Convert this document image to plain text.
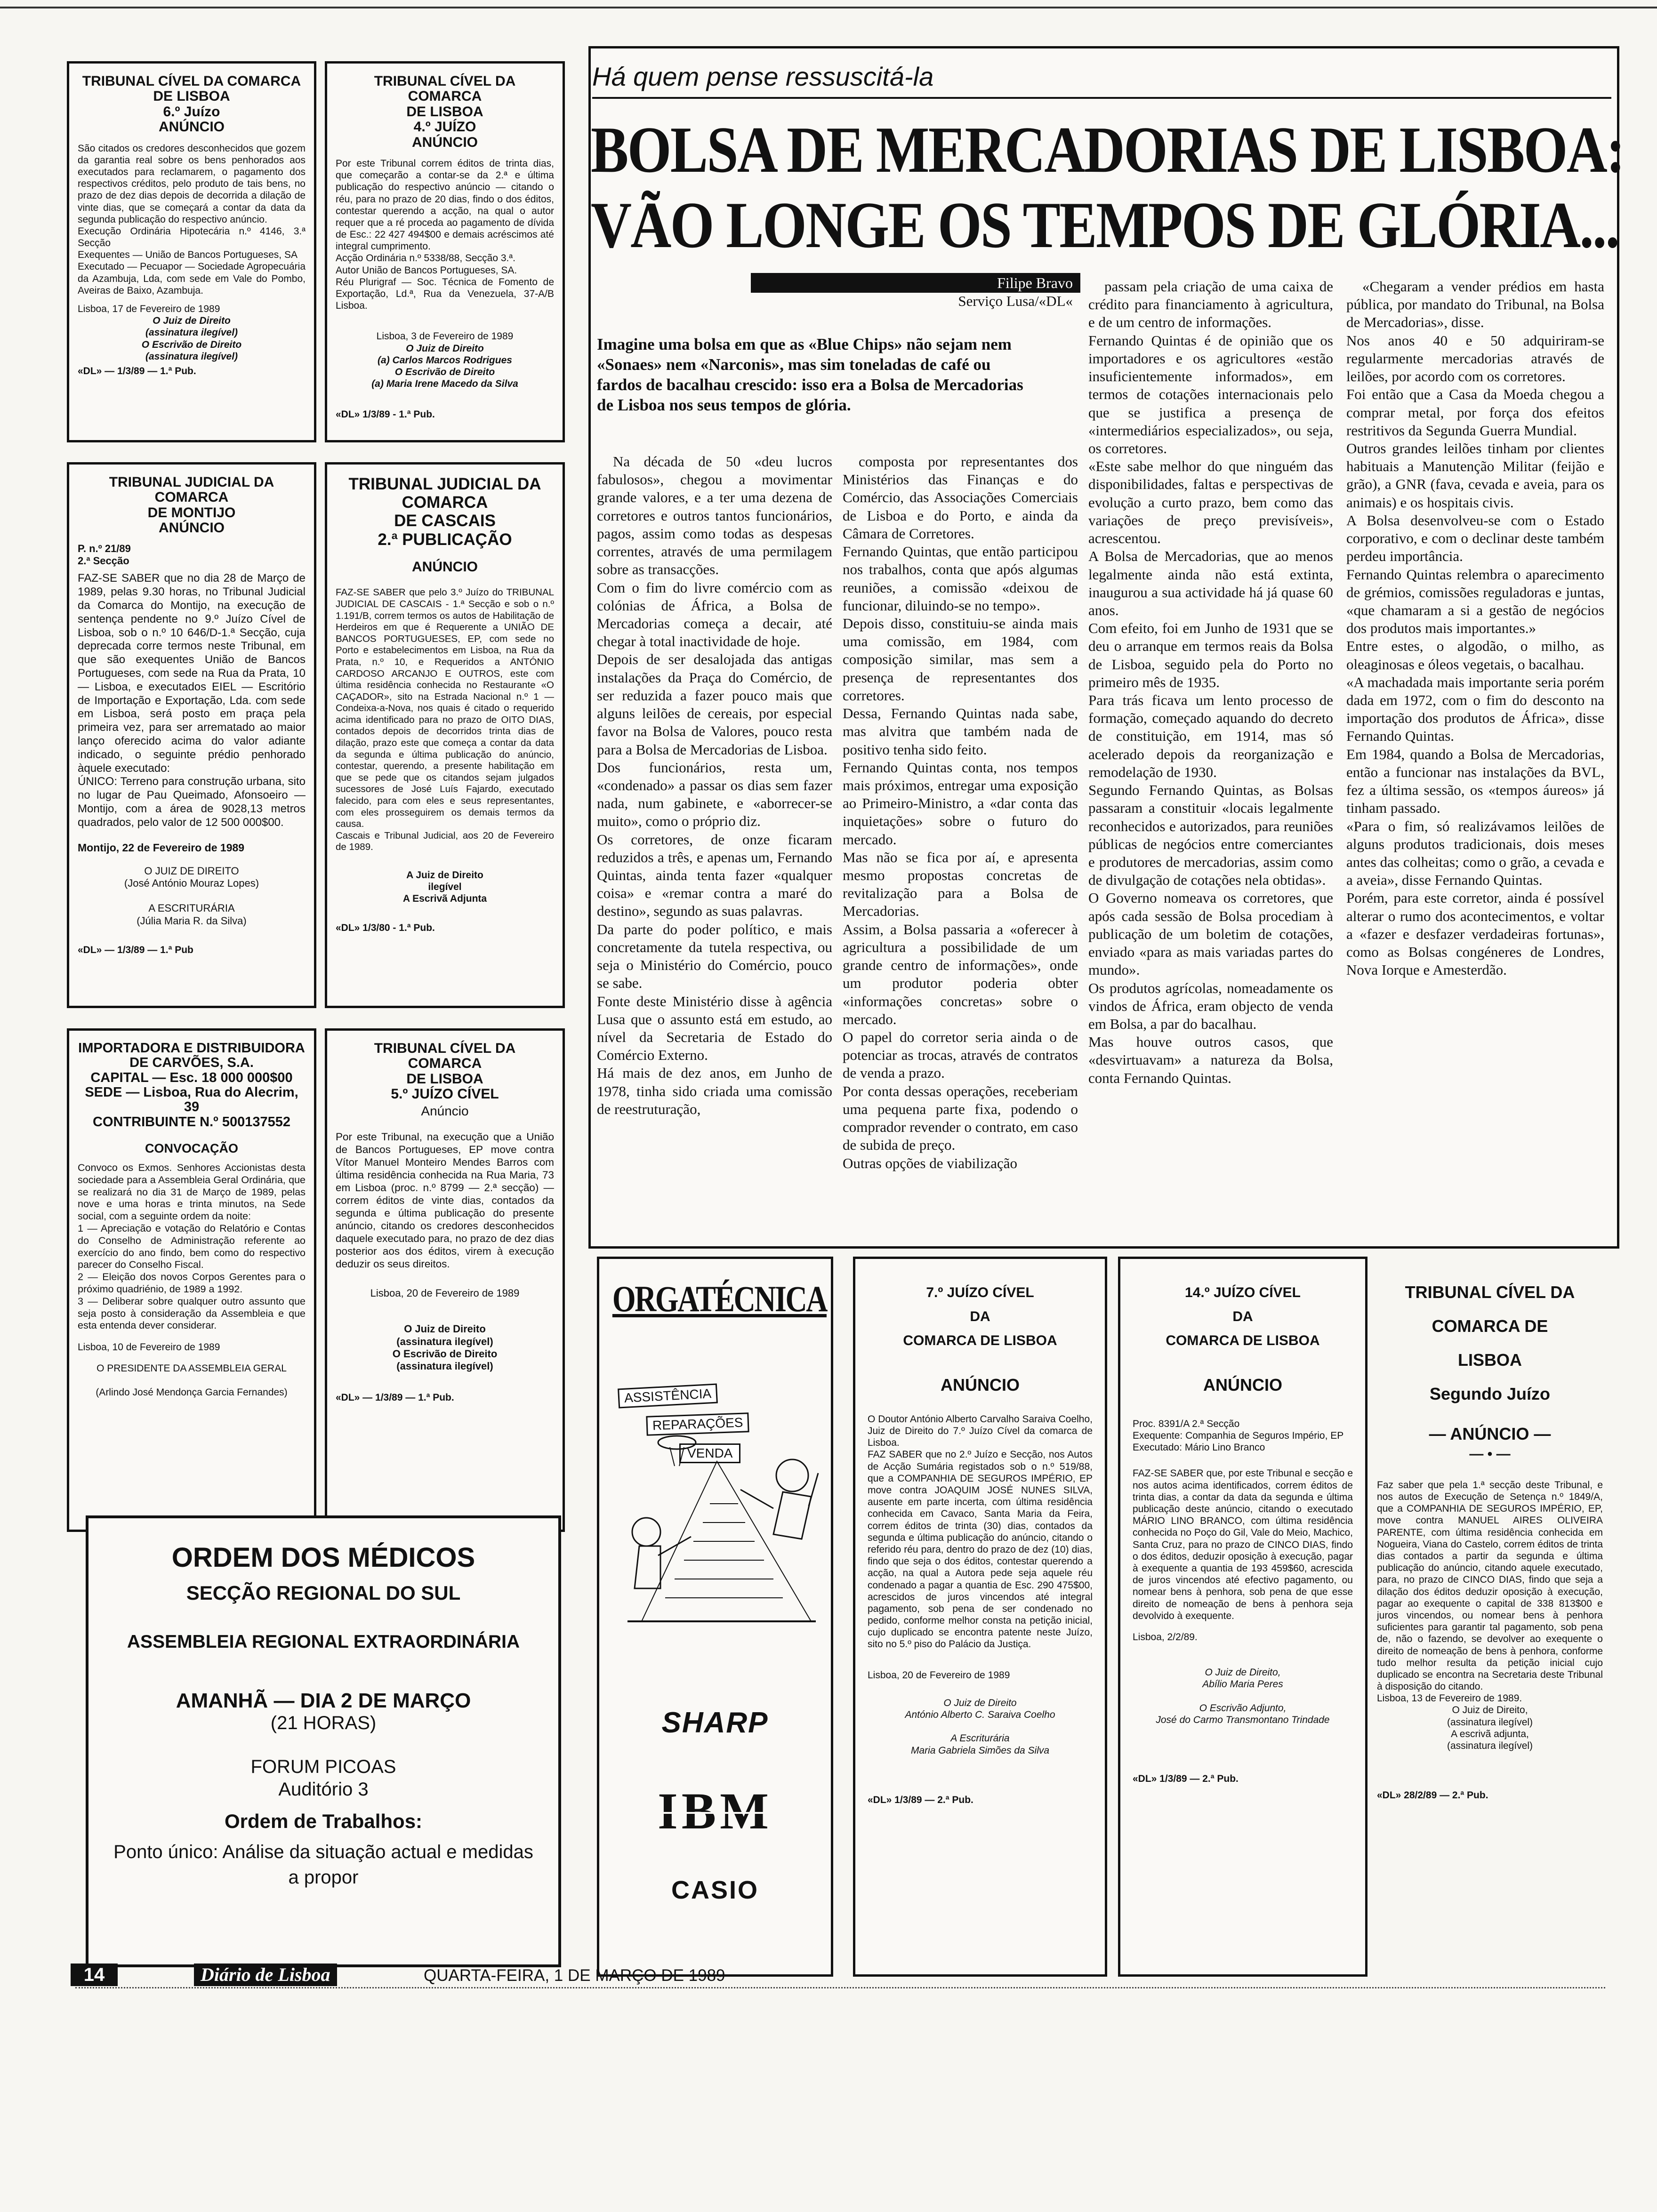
TRIBUNAL CÍVEL DA COMARCA
DE LISBOA
6.º Juízo
ANÚNCIO
São citados os credores desconhecidos que gozem da garantia real sobre os bens penhorados aos executados para reclamarem, o pagamento dos respectivos créditos, pelo produto de tais bens, no prazo de dez dias depois de decorrida a dilação de vinte dias, que se começará a contar da data da segunda publicação do respectivo anúncio.
Execução Ordinária Hipotecária n.º 4146, 3.ª Secção
Exequentes — União de Bancos Portugueses, SA
Executado — Pecuapor — Sociedade Agropecuária da Azambuja, Lda, com sede em Vale do Pombo, Aveiras de Baixo, Azambuja.
Lisboa, 17 de Fevereiro de 1989
O Juiz de Direito
(assinatura ilegível)
O Escrivão de Direito
(assinatura ilegível)
«DL» — 1/3/89 — 1.ª Pub.
TRIBUNAL CÍVEL DA COMARCA
DE LISBOA
4.º JUÍZO
ANÚNCIO
Por este Tribunal correm éditos de trinta dias, que começarão a contar-se da 2.ª e última publicação do respectivo anúncio — citando o réu, para no prazo de 20 dias, findo o dos éditos, contestar querendo a acção, na qual o autor requer que a ré proceda ao pagamento de dívida de Esc.: 22 427 494$00 e demais acréscimos até integral cumprimento.
Acção Ordinária n.º 5338/88, Secção 3.ª.
Autor União de Bancos Portugueses, SA.
Réu Plurigraf — Soc. Técnica de Fomento de Exportação, Ld.ª, Rua da Venezuela, 37-A/B Lisboa.
Lisboa, 3 de Fevereiro de 1989
O Juiz de Direito
(a) Carlos Marcos Rodrigues
O Escrivão de Direito
(a) Maria Irene Macedo da Silva
«DL» 1/3/89 - 1.ª Pub.
TRIBUNAL JUDICIAL DA COMARCA
DE MONTIJO
ANÚNCIO
P. n.º 21/89
2.ª Secção
FAZ-SE SABER que no dia 28 de Março de 1989, pelas 9.30 horas, no Tribunal Judicial da Comarca do Montijo, na execução de sentença pendente no 9.º Juízo Cível de Lisboa, sob o n.º 10 646/D-1.ª Secção, cuja deprecada corre termos neste Tribunal, em que são exequentes União de Bancos Portugueses, com sede na Rua da Prata, 10 — Lisboa, e executados EIEL — Escritório de Importação e Exportação, Lda. com sede em Lisboa, será posto em praça pela primeira vez, para ser arrematado ao maior lanço oferecido acima do valor adiante indicado, o seguinte prédio penhorado àquele executado:
ÚNICO: Terreno para construção urbana, sito no lugar de Pau Queimado, Afonsoeiro — Montijo, com a área de 9028,13 metros quadrados, pelo valor de 12 500 000$00.
Montijo, 22 de Fevereiro de 1989
O JUIZ DE DIREITO
(José António Mouraz Lopes)

A ESCRITURÁRIA
(Júlia Maria R. da Silva)
«DL» — 1/3/89 — 1.ª Pub
TRIBUNAL JUDICIAL DA
COMARCA
DE CASCAIS
2.ª PUBLICAÇÃO
ANÚNCIO
FAZ-SE SABER que pelo 3.º Juízo do TRIBUNAL JUDICIAL DE CASCAIS - 1.ª Secção e sob o n.º 1.191/B, correm termos os autos de Habilitação de Herdeiros em que é Requerente a UNIÃO DE BANCOS PORTUGUESES, EP, com sede no Porto e estabelecimentos em Lisboa, na Rua da Prata, n.º 10, e Requeridos a ANTÓNIO CARDOSO ARCANJO E OUTROS, este com última residência conhecida no Restaurante «O CAÇADOR», sito na Estrada Nacional n.º 1 — Condeixa-a-Nova, nos quais é citado o requerido acima identificado para no prazo de OITO DIAS, contados depois de decorridos trinta dias de dilação, prazo este que começa a contar da data da segunda e última publicação do anúncio, contestar, querendo, a presente habilitação em que se pede que os citandos sejam julgados sucessores de José Luís Fajardo, executado falecido, para com eles e seus representantes, com eles prosseguirem os demais termos da causa.
Cascais e Tribunal Judicial, aos 20 de Fevereiro de 1989.
A Juiz de Direito
ilegível
A Escrivã Adjunta
«DL» 1/3/80 - 1.ª Pub.
IMPORTADORA E DISTRIBUIDORA
DE CARVÕES, S.A.
CAPITAL — Esc. 18 000 000$00
SEDE — Lisboa, Rua do Alecrim, 39
CONTRIBUINTE N.º 500137552
CONVOCAÇÃO
Convoco os Exmos. Senhores Accionistas desta sociedade para a Assembleia Geral Ordinária, que se realizará no dia 31 de Março de 1989, pelas nove e uma horas e trinta minutos, na Sede social, com a seguinte ordem da noite:
1 — Apreciação e votação do Relatório e Contas do Conselho de Administração referente ao exercício do ano findo, bem como do respectivo parecer do Conselho Fiscal.
2 — Eleição dos novos Corpos Gerentes para o próximo quadriénio, de 1989 a 1992.
3 — Deliberar sobre qualquer outro assunto que seja posto à consideração da Assembleia e que esta entenda dever considerar.
Lisboa, 10 de Fevereiro de 1989
O PRESIDENTE DA ASSEMBLEIA GERAL

(Arlindo José Mendonça Garcia Fernandes)
TRIBUNAL CÍVEL DA COMARCA
DE LISBOA
5.º JUÍZO CÍVEL
Anúncio
Por este Tribunal, na execução que a União de Bancos Portugueses, EP move contra Vítor Manuel Monteiro Mendes Barros com última residência conhecida na Rua Maria, 73 em Lisboa (proc. n.º 8799 — 2.ª secção) — correm éditos de vinte dias, contados da segunda e última publicação do presente anúncio, citando os credores desconhecidos daquele executado para, no prazo de dez dias posterior aos dos éditos, virem à execução deduzir os seus direitos.
Lisboa, 20 de Fevereiro de 1989
O Juiz de Direito
(assinatura ilegível)
O Escrivão de Direito
(assinatura ilegível)
«DL» — 1/3/89 — 1.ª Pub.
ORDEM DOS MÉDICOS
SECÇÃO REGIONAL DO SUL
ASSEMBLEIA REGIONAL EXTRAORDINÁRIA
AMANHÃ — DIA 2 DE MARÇO
(21 HORAS)
FORUM PICOAS
Auditório 3
Ordem de Trabalhos:
Ponto único: Análise da situação actual e medidas a propor
Há quem pense ressuscitá-la
BOLSA DE MERCADORIAS DE LISBOA:
VÃO LONGE OS TEMPOS DE GLÓRIA...
Filipe Bravo
Serviço Lusa/«DL«
Imagine uma bolsa em que as «Blue Chips» não sejam nem «Sonaes» nem «Narconis», mas sim toneladas de café ou fardos de bacalhau crescido: isso era a Bolsa de Mercadorias de Lisboa nos seus tempos de glória.
Na década de 50 «deu lucros fabulosos», chegou a movimentar grande valores, e a ter uma dezena de corretores e outros tantos funcionários, pagos, assim como todas as despesas correntes, através de uma permilagem sobre as transacções.
Com o fim do livre comércio com as colónias de África, a Bolsa de Mercadorias começa a decair, até chegar à total inactividade de hoje.
Depois de ser desalojada das antigas instalações da Praça do Comércio, de ser reduzida a fazer pouco mais que alguns leilões de cereais, por especial favor na Bolsa de Valores, pouco resta para a Bolsa de Mercadorias de Lisboa.
Dos funcionários, resta um, «condenado» a passar os dias sem fazer nada, num gabinete, e «aborrecer-se muito», como o próprio diz.
Os corretores, de onze ficaram reduzidos a três, e apenas um, Fernando Quintas, ainda tenta fazer «qualquer coisa» e «remar contra a maré do destino», segundo as suas palavras.
Da parte do poder político, e mais concretamente da tutela respectiva, ou seja o Ministério do Comércio, pouco se sabe.
Fonte deste Ministério disse à agência Lusa que o assunto está em estudo, ao nível da Secretaria de Estado do Comércio Externo.
Há mais de dez anos, em Junho de 1978, tinha sido criada uma comissão de reestruturação,
composta por representantes dos Ministérios das Finanças e do Comércio, das Associações Comerciais de Lisboa e do Porto, e ainda da Câmara de Corretores.
Fernando Quintas, que então participou nos trabalhos, conta que após algumas reuniões, a comissão «deixou de funcionar, diluindo-se no tempo».
Depois disso, constituiu-se ainda mais uma comissão, em 1984, com composição similar, mas sem a presença de representantes dos corretores.
Dessa, Fernando Quintas nada sabe, mas alvitra que também nada de positivo tenha sido feito.
Fernando Quintas conta, nos tempos mais próximos, entregar uma exposição ao Primeiro-Ministro, a «dar conta das inquietações» sobre o futuro do mercado.
Mas não se fica por aí, e apresenta mesmo propostas concretas de revitalização para a Bolsa de Mercadorias.
Assim, a Bolsa passaria a «oferecer à agricultura a possibilidade de um grande centro de informações», onde um produtor poderia obter «informações concretas» sobre o mercado.
O papel do corretor seria ainda o de potenciar as trocas, através de contratos de venda a prazo.
Por conta dessas operações, receberiam uma pequena parte fixa, podendo o comprador revender o contrato, em caso de subida de preço.
Outras opções de viabilização
passam pela criação de uma caixa de crédito para financiamento à agricultura, e de um centro de informações.
Fernando Quintas é de opinião que os importadores e os agricultores «estão insuficientemente informados», em termos de cotações internacionais pelo que se justifica a presença de «intermediários especializados», ou seja, os corretores.
«Este sabe melhor do que ninguém das disponibilidades, faltas e perspectivas de evolução a curto prazo, bem como das variações de preço previsíveis», acrescentou.
A Bolsa de Mercadorias, que ao menos legalmente ainda não está extinta, inaugurou a sua actividade há já quase 60 anos.
Com efeito, foi em Junho de 1931 que se deu o arranque em termos reais da Bolsa de Lisboa, seguido pela do Porto no primeiro mês de 1935.
Para trás ficava um lento processo de formação, começado aquando do decreto de constituição, em 1914, mas só acelerado depois da reorganização e remodelação de 1930.
Segundo Fernando Quintas, as Bolsas passaram a constituir «locais legalmente reconhecidos e autorizados, para reuniões públicas de negócios entre comerciantes e produtores de mercadorias, assim como de divulgação de cotações nela obtidas».
O Governo nomeava os corretores, que após cada sessão de Bolsa procediam à publicação de um boletim de cotações, enviado «para as mais variadas partes do mundo».
Os produtos agrícolas, nomeadamente os vindos de África, eram objecto de venda em Bolsa, a par do bacalhau.
Mas houve outros casos, que «desvirtuavam» a natureza da Bolsa, conta Fernando Quintas.
«Chegaram a vender prédios em hasta pública, por mandato do Tribunal, na Bolsa de Mercadorias», disse.
Nos anos 40 e 50 adquiriram-se regularmente mercadorias através de leilões, por acordo com os corretores.
Foi então que a Casa da Moeda chegou a comprar metal, por força dos efeitos restritivos da Segunda Guerra Mundial.
Outros grandes leilões tinham por clientes habituais a Manutenção Militar (feijão e grão), a GNR (fava, cevada e aveia, para os animais) e os hospitais civis.
A Bolsa desenvolveu-se com o Estado corporativo, e com o declinar deste também perdeu importância.
Fernando Quintas relembra o aparecimento de grémios, comissões reguladoras e juntas, «que chamaram a si a gestão de negócios dos produtos mais importantes.»
Entre estes, o algodão, o milho, as oleaginosas e óleos vegetais, o bacalhau.
«A machadada mais importante seria porém dada em 1972, com o fim do desconto na importação dos produtos de África», disse Fernando Quintas.
Em 1984, quando a Bolsa de Mercadorias, então a funcionar nas instalações da BVL, fez a última sessão, os «tempos áureos» já tinham passado.
«Para o fim, só realizávamos leilões de alguns produtos tradicionais, dois meses antes das colheitas; como o grão, a cevada e a aveia», disse Fernando Quintas.
Porém, para este corretor, ainda é possível alterar o rumo dos acontecimentos, e voltar a «fazer e desfazer verdadeiras fortunas», como as Bolsas congéneres de Londres, Nova Iorque e Amesterdão.
ORGATÉCNICA
ASSISTÊNCIA
REPARAÇÕES
VENDA
SHARP
IBM
CASIO
7.º JUÍZO CÍVEL
DA
COMARCA DE LISBOA
ANÚNCIO
O Doutor António Alberto Carvalho Saraiva Coelho, Juiz de Direito do 7.º Juízo Cível da comarca de Lisboa.
FAZ SABER que no 2.º Juízo e Secção, nos Autos de Acção Sumária registados sob o n.º 519/88, que a COMPANHIA DE SEGUROS IMPÉRIO, EP move contra JOAQUIM JOSÉ NUNES SILVA, ausente em parte incerta, com última residência conhecida em Cavaco, Santa Maria da Feira, correm éditos de trinta (30) dias, contados da segunda e última publicação do anúncio, citando o referido réu para, dentro do prazo de dez (10) dias, findo que seja o dos éditos, contestar querendo a acção, na qual a Autora pede seja aquele réu condenado a pagar a quantia de Esc. 290 475$00, acrescidos de juros vincendos até integral pagamento, sob pena de ser condenado no pedido, conforme melhor consta na petição inicial, cujo duplicado se encontra patente neste Juízo, sito no 5.º piso do Palácio da Justiça.
Lisboa, 20 de Fevereiro de 1989
O Juiz de Direito
António Alberto C. Saraiva Coelho

A Escriturária
Maria Gabriela Simões da Silva
«DL» 1/3/89 — 2.ª Pub.
14.º JUÍZO CÍVEL
DA
COMARCA DE LISBOA
ANÚNCIO
Proc. 8391/A 2.ª Secção
Exequente: Companhia de Seguros Império, EP
Executado: Mário Lino Branco
FAZ-SE SABER que, por este Tribunal e secção e nos autos acima identificados, correm éditos de trinta dias, a contar da data da segunda e última publicação deste anúncio, citando o executado MÁRIO LINO BRANCO, com última residência conhecida no Poço do Gil, Vale do Meio, Machico, Santa Cruz, para no prazo de CINCO DIAS, findo o dos éditos, deduzir oposição à execução, pagar à exequente a quantia de 193 459$60, acrescida de juros vincendos até efectivo pagamento, ou nomear bens à penhora, sob pena de que esse direito de nomeação de bens à penhora seja devolvido à exequente.
Lisboa, 2/2/89.
O Juiz de Direito,
Abílio Maria Peres

O Escrivão Adjunto,
José do Carmo Transmontano Trindade
«DL» 1/3/89 — 2.ª Pub.
TRIBUNAL CÍVEL DA
COMARCA DE
LISBOA
Segundo Juízo
— ANÚNCIO —
— • —
Faz saber que pela 1.ª secção deste Tribunal, e nos autos de Execução de Setença n.º 1849/A, que a COMPANHIA DE SEGUROS IMPÉRIO, EP, move contra MANUEL AIRES OLIVEIRA PARENTE, com última residência conhecida em Nogueira, Viana do Castelo, correm éditos de trinta dias contados a partir da segunda e última publicação do anúncio, citando aquele executado, para, no prazo de CINCO DIAS, findo que seja a dilação dos éditos deduzir oposição à execução, pagar ao exequente o capital de 338 813$00 e juros vincendos, ou nomear bens à penhora suficientes para garantir tal pagamento, sob pena de, não o fazendo, se devolver ao exequente o direito de nomeação de bens à penhora, conforme tudo melhor resulta da petição inicial cujo duplicado se encontra na Secretaria deste Tribunal à disposição do citando.
Lisboa, 13 de Fevereiro de 1989.
O Juiz de Direito,
(assinatura ilegível)
A escrivã adjunta,
(assinatura ilegível)
«DL» 28/2/89 — 2.ª Pub.
14	Diário de Lisboa	QUARTA-FEIRA, 1 DE MARÇO DE 1989
